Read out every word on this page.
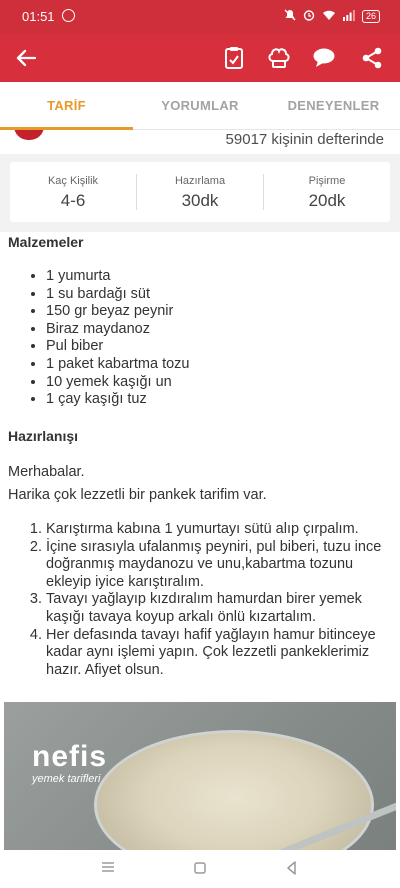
01:51	26
TARİF	YORUMLAR	DENEYENLER
59017 kişinin defterinde
Kaç Kişilik
4-6
Hazırlama
30dk
Pişirme
20dk
Malzemeler
• 1 yumurta
• 1 su bardağı süt
• 150 gr beyaz peynir
• Biraz maydanoz
• Pul biber
• 1 paket kabartma tozu
• 10 yemek kaşığı un
• 1 çay kaşığı tuz
Hazırlanışı
Merhabalar.
Harika çok lezzetli bir pankek tarifim var.
1. Karıştırma kabına 1 yumurtayı sütü alıp çırpalım.
2. İçine sırasıyla ufalanmış peyniri, pul biberi, tuzu ince doğranmış maydanozu ve unu,kabartma tozunu ekleyip iyice karıştıralım.
3. Tavayı yağlayıp kızdıralım hamurdan birer yemek kaşığı tavaya koyup arkalı önlü kızartalım.
4. Her defasında tavayı hafif yağlayın hamur bitinceye kadar aynı işlemi yapın. Çok lezzetli pankeklerimiz hazır. Afiyet olsun.
nefis
yemek tarifleri
